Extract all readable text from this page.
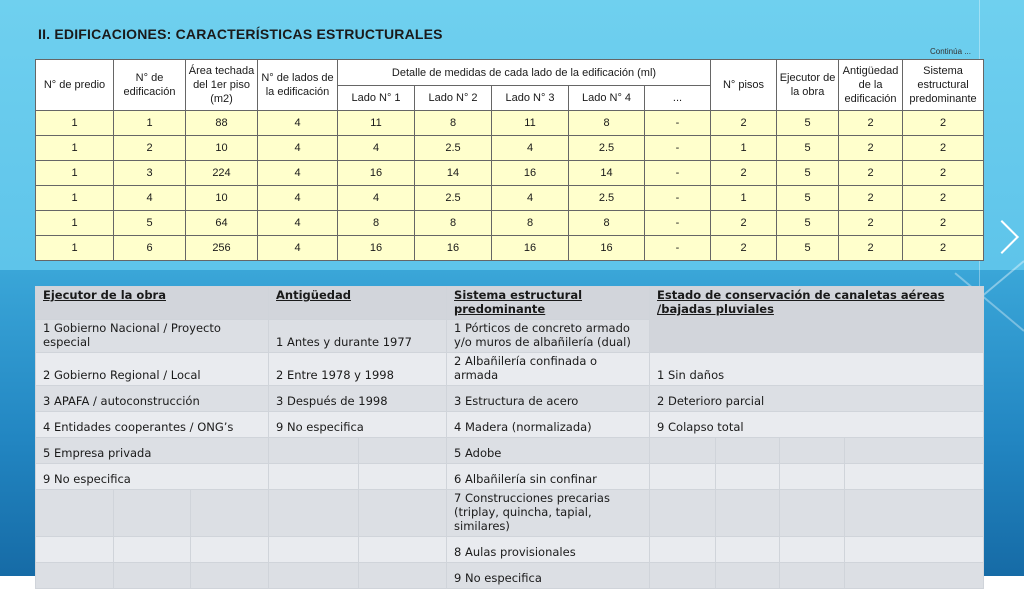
II. EDIFICACIONES: CARACTERÍSTICAS ESTRUCTURALES
Continúa ...
N° de predio	N° de edificación	Área techada del 1er piso (m2)	N° de lados de la edificación	Detalle de medidas de cada lado de la edificación (ml)					N° pisos	Ejecutor de la obra	Antigüedad de la edificación	Sistema estructural predominante
				Lado N° 1	Lado N° 2	Lado N° 3	Lado N° 4	...				
1	1	88	4	11	8	11	8	-	2	5	2	2
1	2	10	4	4	2.5	4	2.5	-	1	5	2	2
1	3	224	4	16	14	16	14	-	2	5	2	2
1	4	10	4	4	2.5	4	2.5	-	1	5	2	2
1	5	64	4	8	8	8	8	-	2	5	2	2
1	6	256	4	16	16	16	16	-	2	5	2	2
Ejecutor de la obra			Antigüedad		Sistema estructural predominante	Estado de conservación de canaletas aéreas /bajadas pluviales			
1 Gobierno Nacional / Proyecto especial			1 Antes y durante 1977		1 Pórticos de concreto armado y/o muros de albañilería (dual)				
2 Gobierno Regional / Local			2 Entre 1978 y 1998		2 Albañilería confinada o armada	1 Sin daños			
3 APAFA / autoconstrucción			3 Después de 1998		3 Estructura de acero	2 Deterioro parcial			
4 Entidades cooperantes / ONG’s			9 No especifica		4 Madera (normalizada)	9 Colapso total			
5 Empresa privada					5 Adobe				
9 No especifica					6 Albañilería sin confinar				
					7 Construcciones precarias (triplay, quincha, tapial, similares)				
					8 Aulas provisionales				
					9 No especifica				
